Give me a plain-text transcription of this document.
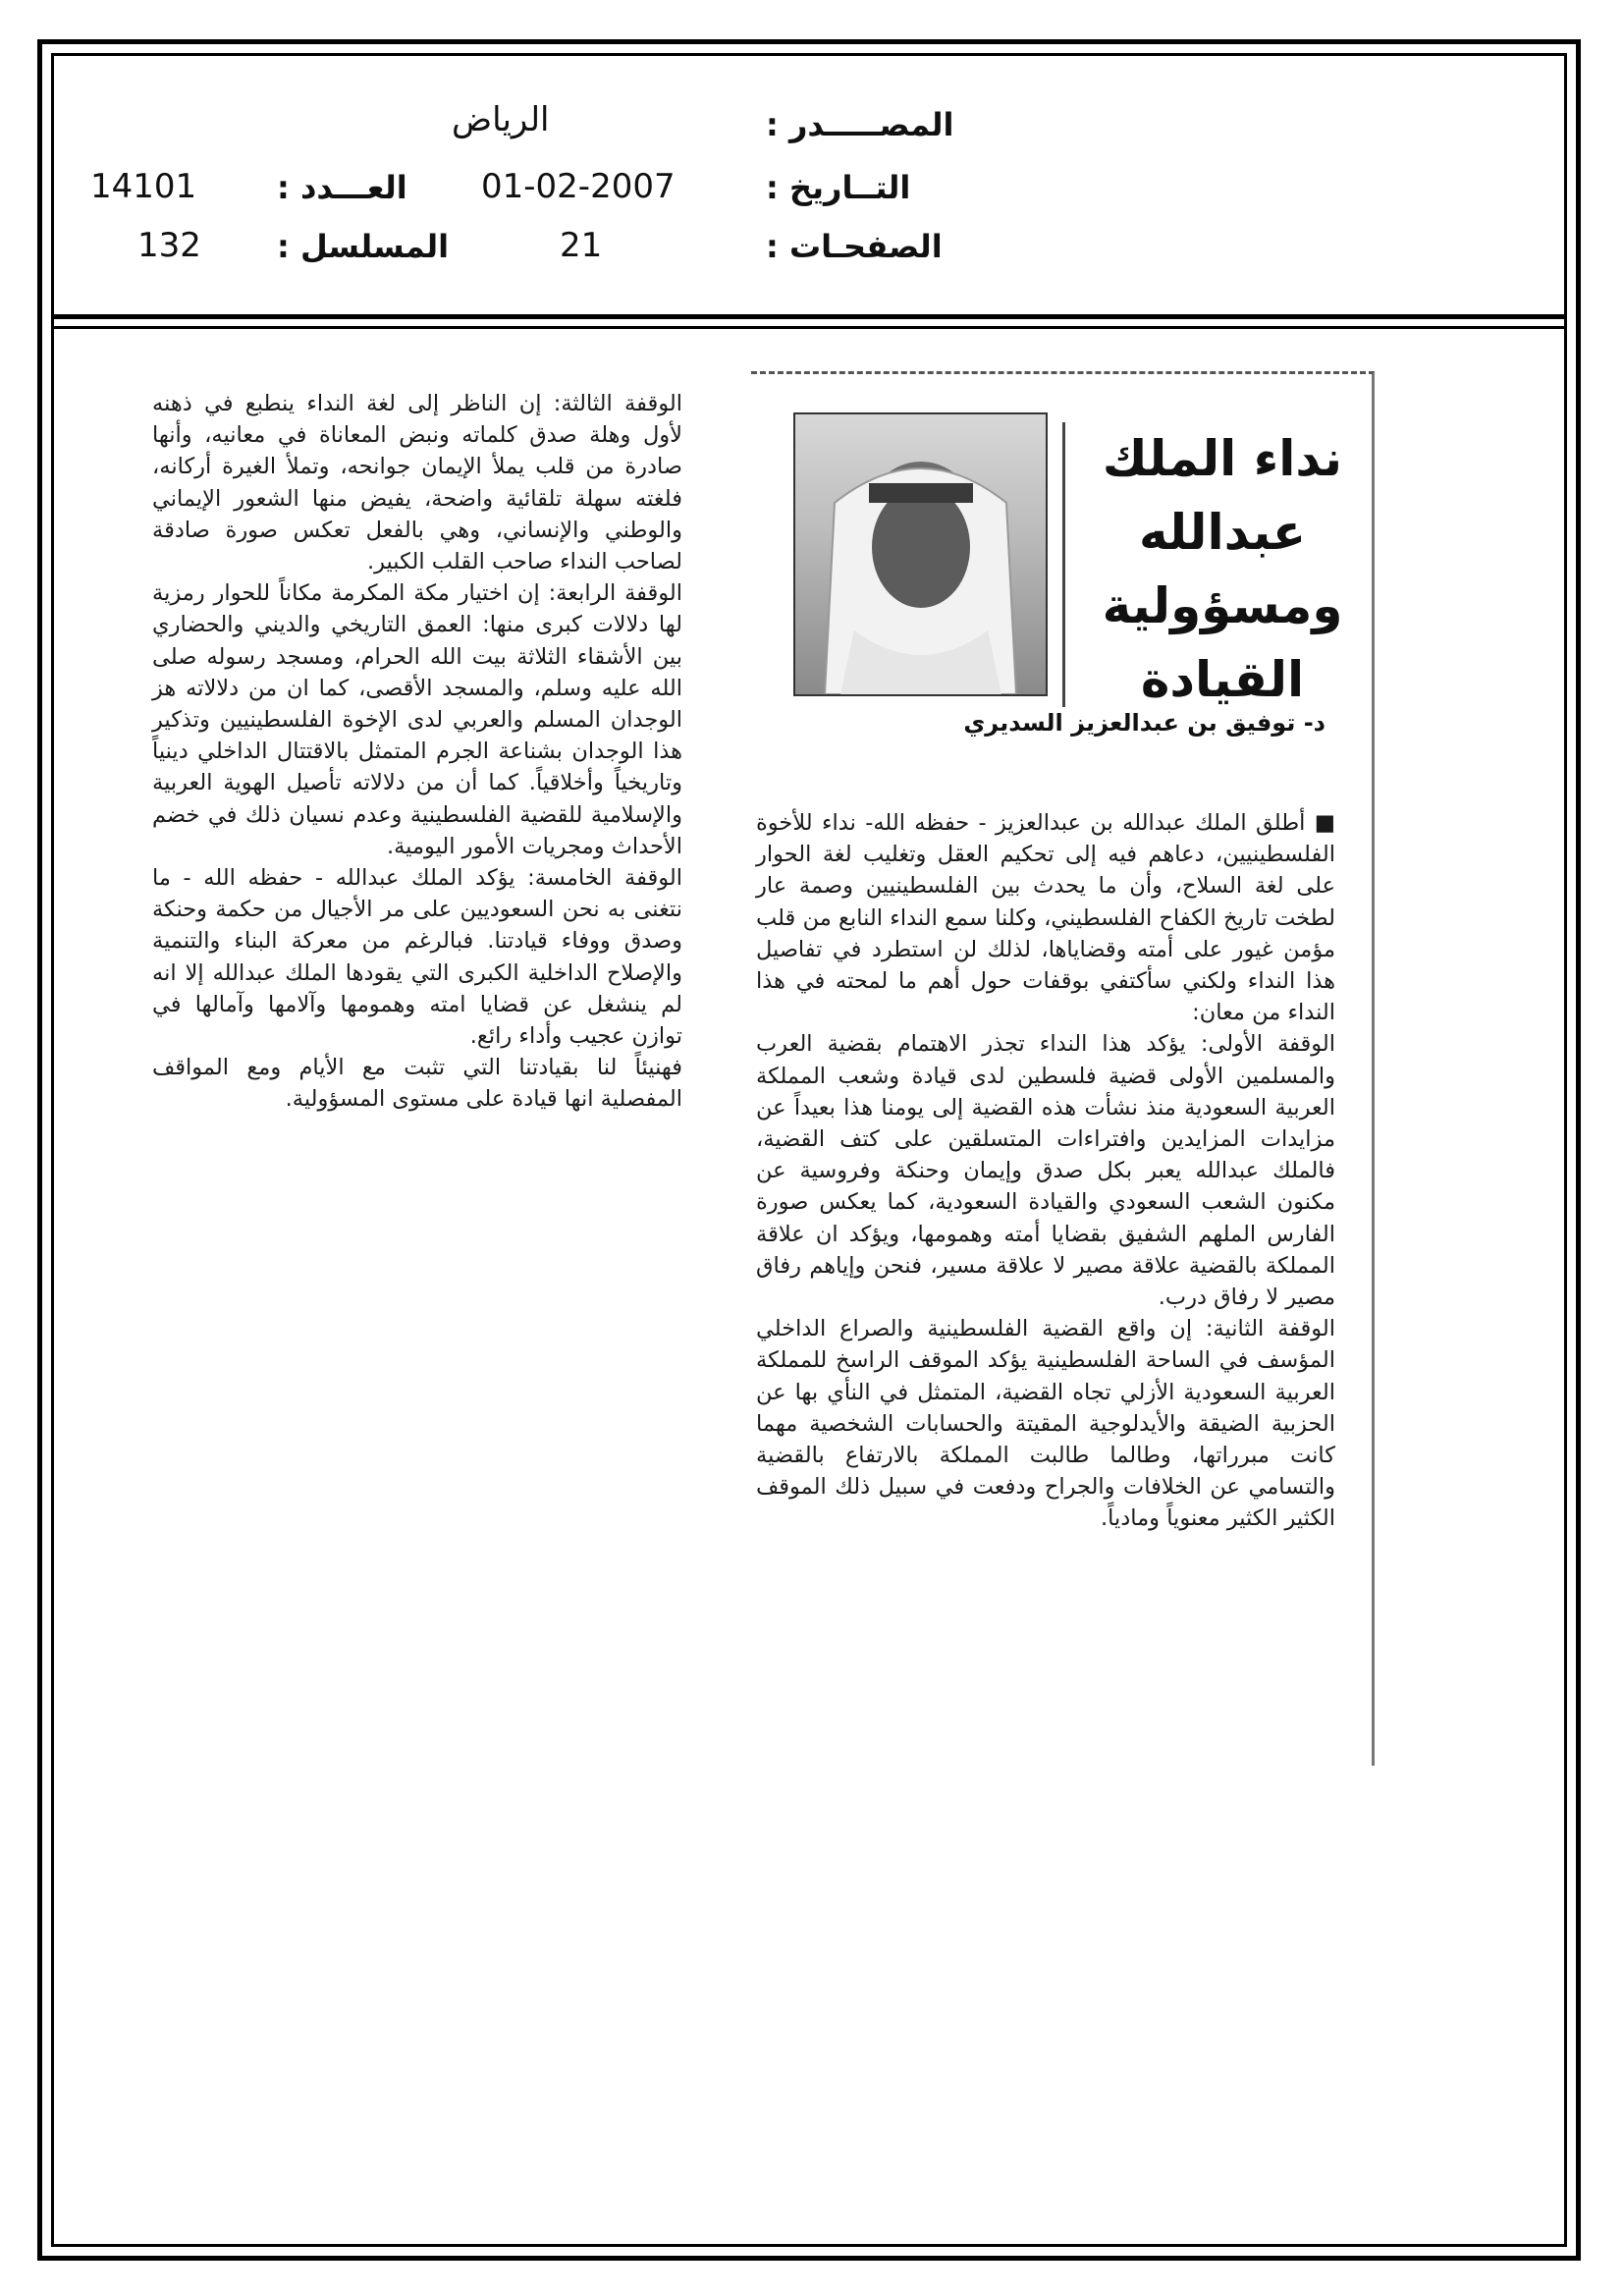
المصـــــدر :
الرياض
التــاريخ :
01-02-2007
العـــدد :
14101
الصفحـات :
21
المسلسل :
132
نداء الملك
عبدالله
ومسؤولية
القيادة
د- توفيق بن عبدالعزيز السديري

■ أطلق الملك عبدالله بن عبدالعزيز - حفظه الله- نداء للأخوة الفلسطينيين، دعاهم فيه إلى تحكيم العقل وتغليب لغة الحوار على لغة السلاح، وأن ما يحدث بين الفلسطينيين وصمة عار لطخت تاريخ الكفاح الفلسطيني، وكلنا سمع النداء النابع من قلب مؤمن غيور على أمته وقضاياها، لذلك لن استطرد في تفاصيل هذا النداء ولكني سأكتفي بوقفات حول أهم ما لمحته في هذا النداء من معان:

الوقفة الأولى: يؤكد هذا النداء تجذر الاهتمام بقضية العرب والمسلمين الأولى قضية فلسطين لدى قيادة وشعب المملكة العربية السعودية منذ نشأت هذه القضية إلى يومنا هذا بعيداً عن مزايدات المزايدين وافتراءات المتسلقين على كتف القضية، فالملك عبدالله يعبر بكل صدق وإيمان وحنكة وفروسية عن مكنون الشعب السعودي والقيادة السعودية، كما يعكس صورة الفارس الملهم الشفيق بقضايا أمته وهمومها، ويؤكد ان علاقة المملكة بالقضية علاقة مصير لا علاقة مسير، فنحن وإياهم رفاق مصير لا رفاق درب.

الوقفة الثانية: إن واقع القضية الفلسطينية والصراع الداخلي المؤسف في الساحة الفلسطينية يؤكد الموقف الراسخ للمملكة العربية السعودية الأزلي تجاه القضية، المتمثل في النأي بها عن الحزبية الضيقة والأيدلوجية المقيتة والحسابات الشخصية مهما كانت مبرراتها، وطالما طالبت المملكة بالارتفاع بالقضية والتسامي عن الخلافات والجراح ودفعت في سبيل ذلك الموقف الكثير الكثير معنوياً ومادياً.

الوقفة الثالثة: إن الناظر إلى لغة النداء ينطبع في ذهنه لأول وهلة صدق كلماته ونبض المعاناة في معانيه، وأنها صادرة من قلب يملأ الإيمان جوانحه، وتملأ الغيرة أركانه، فلغته سهلة تلقائية واضحة، يفيض منها الشعور الإيماني والوطني والإنساني، وهي بالفعل تعكس صورة صادقة لصاحب النداء صاحب القلب الكبير.

الوقفة الرابعة: إن اختيار مكة المكرمة مكاناً للحوار رمزية لها دلالات كبرى منها: العمق التاريخي والديني والحضاري بين الأشقاء الثلاثة بيت الله الحرام، ومسجد رسوله صلى الله عليه وسلم، والمسجد الأقصى، كما ان من دلالاته هز الوجدان المسلم والعربي لدى الإخوة الفلسطينيين وتذكير هذا الوجدان بشناعة الجرم المتمثل بالاقتتال الداخلي دينياً وتاريخياً وأخلاقياً. كما أن من دلالاته تأصيل الهوية العربية والإسلامية للقضية الفلسطينية وعدم نسيان ذلك في خضم الأحداث ومجريات الأمور اليومية.

الوقفة الخامسة: يؤكد الملك عبدالله - حفظه الله - ما نتغنى به نحن السعوديين على مر الأجيال من حكمة وحنكة وصدق ووفاء قيادتنا. فبالرغم من معركة البناء والتنمية والإصلاح الداخلية الكبرى التي يقودها الملك عبدالله إلا انه لم ينشغل عن قضايا امته وهمومها وآلامها وآمالها في توازن عجيب وأداء رائع.

فهنيئاً لنا بقيادتنا التي تثبت مع الأيام ومع المواقف المفصلية انها قيادة على مستوى المسؤولية.
